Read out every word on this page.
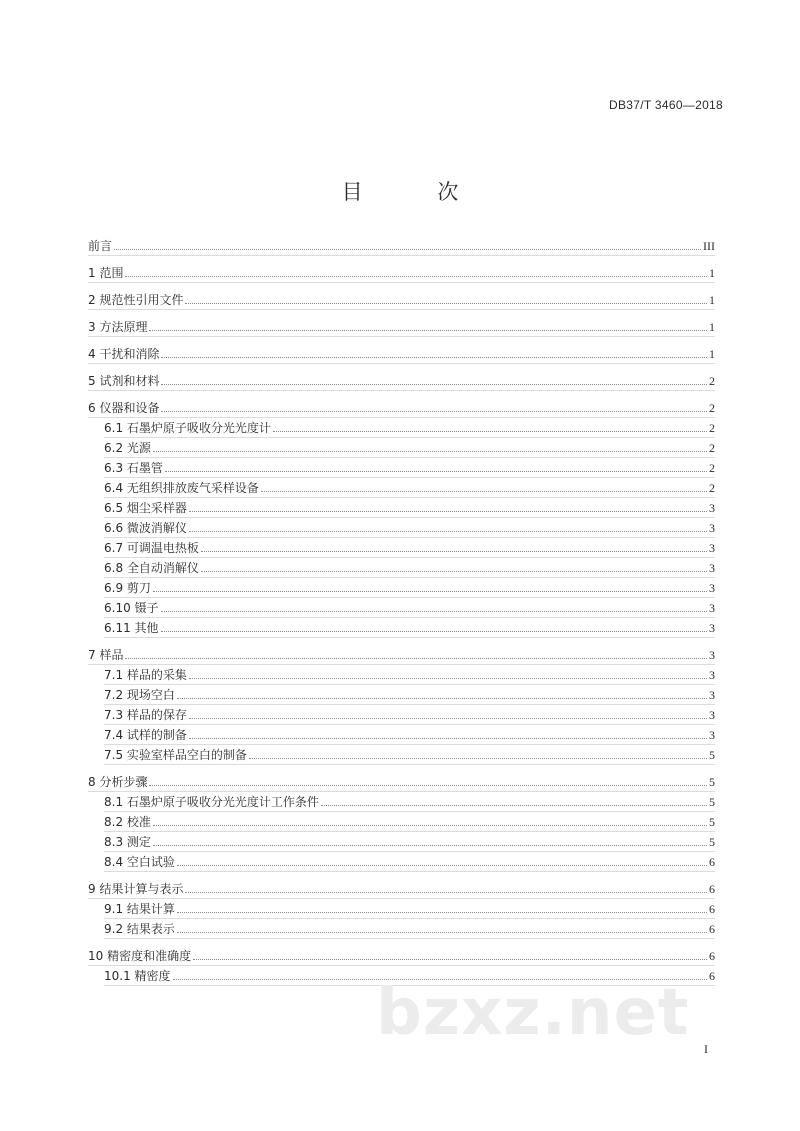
DB37/T 3460—2018
目 次
前言	III
1 范围	1
2 规范性引用文件	1
3 方法原理	1
4 干扰和消除	1
5 试剂和材料	2
6 仪器和设备	2
6.1 石墨炉原子吸收分光光度计	2
6.2 光源	2
6.3 石墨管	2
6.4 无组织排放废气采样设备	2
6.5 烟尘采样器	3
6.6 微波消解仪	3
6.7 可调温电热板	3
6.8 全自动消解仪	3
6.9 剪刀	3
6.10 镊子	3
6.11 其他	3
7 样品	3
7.1 样品的采集	3
7.2 现场空白	3
7.3 样品的保存	3
7.4 试样的制备	3
7.5 实验室样品空白的制备	5
8 分析步骤	5
8.1 石墨炉原子吸收分光光度计工作条件	5
8.2 校准	5
8.3 测定	5
8.4 空白试验	6
9 结果计算与表示	6
9.1 结果计算	6
9.2 结果表示	6
10 精密度和准确度	6
10.1 精密度	6
bzxz.net I
